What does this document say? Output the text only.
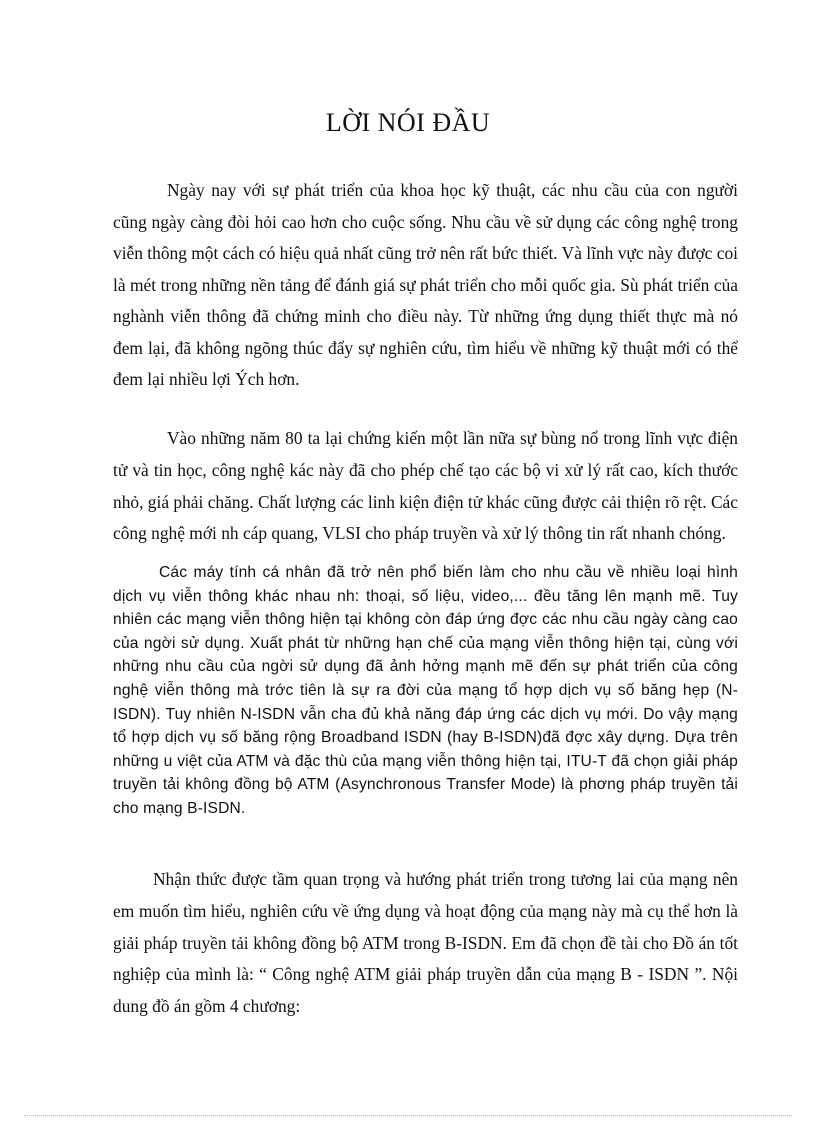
LỜI NÓI ĐẦU

Ngày nay với sự phát triển của khoa học kỹ thuật, các nhu cầu của con người cũng ngày càng đòi hỏi cao hơn cho cuộc sống. Nhu cầu về sử dụng các công nghệ trong viễn thông một cách có hiệu quả nhất cũng trở nên rất bức thiết. Và lĩnh vực này được coi là mét trong những nền tảng để đánh giá sự phát triển cho mỗi quốc gia. Sù phát triển của nghành viễn thông đã chứng minh cho điều này. Từ những ứng dụng thiết thực mà nó đem lại, đã không ngõng thúc đẩy sự nghiên cứu, tìm hiểu về những kỹ thuật mới có thể đem lại nhiều lợi Ých hơn.

Vào những năm 80 ta lại chứng kiến một lần nữa sự bùng nổ trong lĩnh vực điện tử và tin học, công nghệ kác này đã cho phép chế tạo các bộ vi xử lý rất cao, kích thước nhỏ, giá phải chăng. Chất lượng các linh kiện điện tử khác cũng được cải thiện rõ rệt. Các công nghệ mới nh cáp quang, VLSI cho pháp truyền và xử lý thông tin rất nhanh chóng.

Các máy tính cá nhân đã trở nên phổ biến làm cho nhu cầu về nhiều loại hình dịch vụ viễn thông khác nhau nh: thoại, số liệu, video,... đều tăng lên mạnh mẽ. Tuy nhiên các mạng viễn thông hiện tại không còn đáp ứng đợc các nhu cầu ngày càng cao của ngời sử dụng. Xuất phát từ những hạn chế của mạng viễn thông hiện tại, cùng với những nhu cầu của ngời sử dụng đã ảnh hởng mạnh mẽ đến sự phát triển của công nghệ viễn thông mà trớc tiên là sự ra đời của mạng tổ hợp dịch vụ số băng hẹp (N-ISDN). Tuy nhiên N-ISDN vẫn cha đủ khả năng đáp ứng các dịch vụ mới. Do vậy mạng tổ hợp dịch vụ số băng rộng Broadband ISDN (hay B-ISDN)đã đợc xây dựng. Dựa trên những u việt của ATM và đặc thù của mạng viễn thông hiện tại, ITU-T đã chọn giải pháp truyền tải không đồng bộ ATM (Asynchronous Transfer Mode) là phơng pháp truyền tải cho mạng B-ISDN.

Nhận thức được tầm quan trọng và hướng phát triển trong tương lai của mạng nên em muốn tìm hiểu, nghiên cứu về ứng dụng và hoạt động của mạng này mà cụ thể hơn là giải pháp truyền tải không đồng bộ ATM trong B-ISDN. Em đã chọn đề tài cho Đồ án tốt nghiệp của mình là: “ Công nghệ ATM giải pháp truyền dẫn của mạng B - ISDN ”. Nội dung đồ án gồm 4 chương:
